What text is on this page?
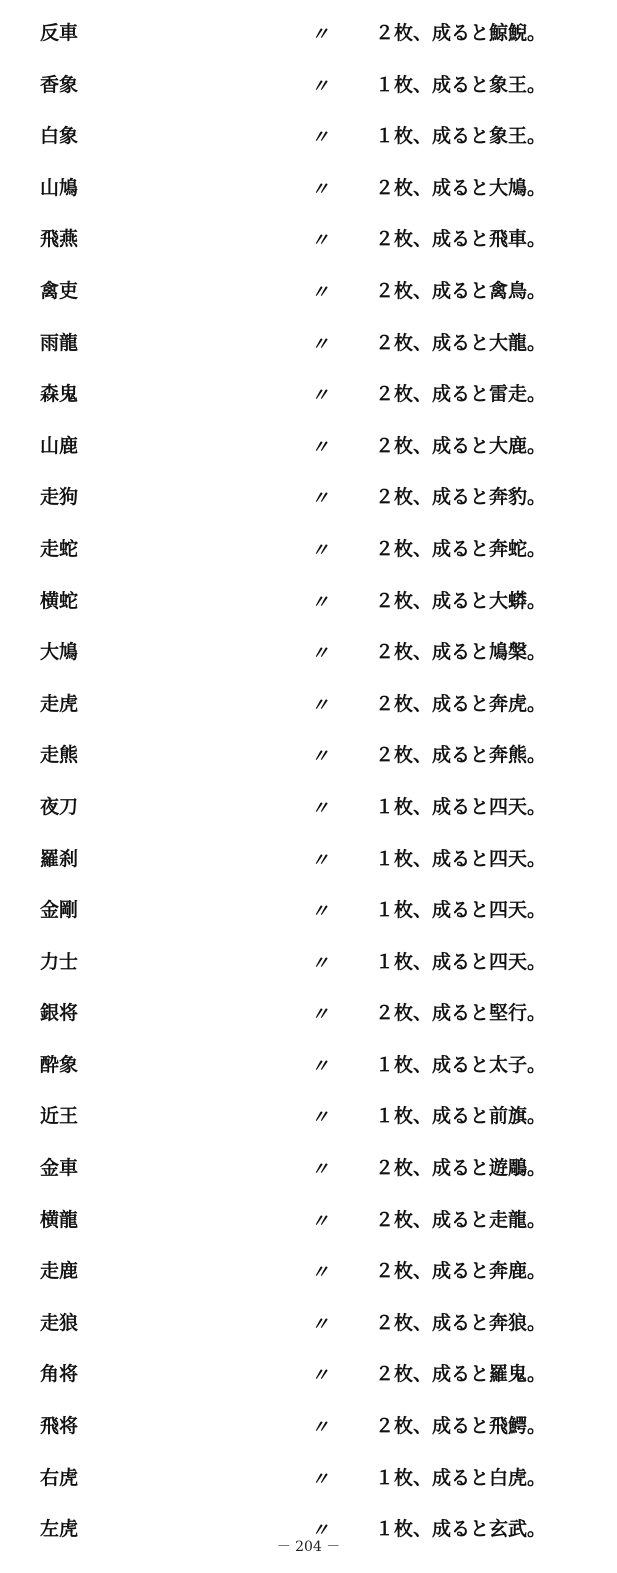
反車	〃 ２枚、成ると鯨鯢。
香象	〃 １枚、成ると象王。
白象	〃 １枚、成ると象王。
山鳩	〃 ２枚、成ると大鳩。
飛燕	〃 ２枚、成ると飛車。
禽吏	〃 ２枚、成ると禽鳥。
雨龍	〃 ２枚、成ると大龍。
森鬼	〃 ２枚、成ると雷走。
山鹿	〃 ２枚、成ると大鹿。
走狗	〃 ２枚、成ると奔豹。
走蛇	〃 ２枚、成ると奔蛇。
横蛇	〃 ２枚、成ると大蟒。
大鳩	〃 ２枚、成ると鳩槃。
走虎	〃 ２枚、成ると奔虎。
走熊	〃 ２枚、成ると奔熊。
夜刀	〃 １枚、成ると四天。
羅刹	〃 １枚、成ると四天。
金剛	〃 １枚、成ると四天。
力士	〃 １枚、成ると四天。
銀将	〃 ２枚、成ると堅行。
酔象	〃 １枚、成ると太子。
近王	〃 １枚、成ると前旗。
金車	〃 ２枚、成ると遊鵰。
横龍	〃 ２枚、成ると走龍。
走鹿	〃 ２枚、成ると奔鹿。
走狼	〃 ２枚、成ると奔狼。
角将	〃 ２枚、成ると羅鬼。
飛将	〃 ２枚、成ると飛鰐。
右虎	〃 １枚、成ると白虎。
左虎	〃 １枚、成ると玄武。
－ 204 －
